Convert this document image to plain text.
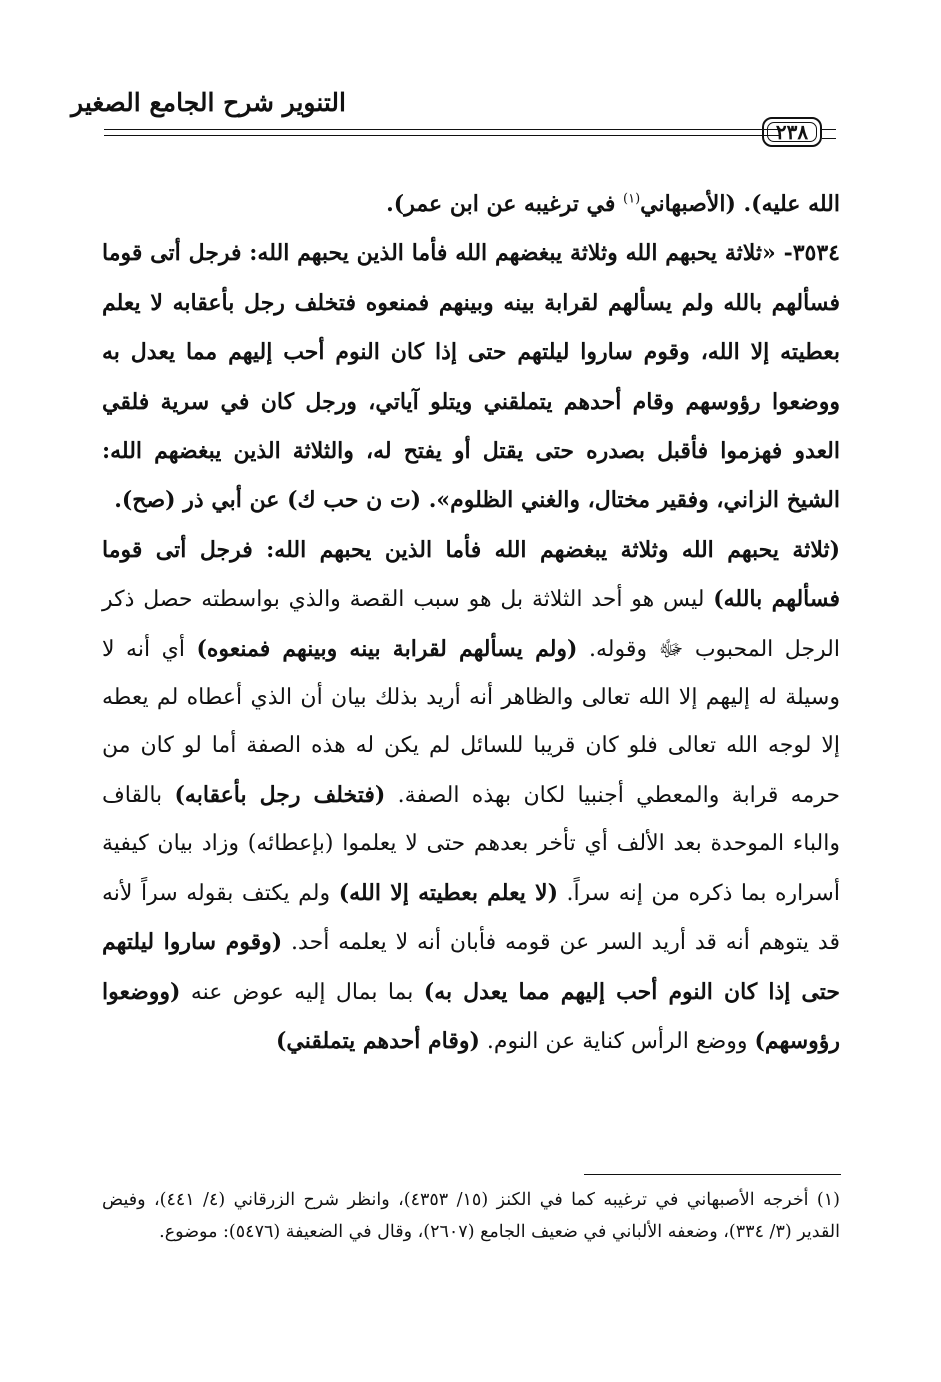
التنوير شرح الجامع الصغير
٢٣٨

الله عليه). (الأصبهاني$^{(١)}$ في ترغيبه عن ابن عمر).

٣٥٣٤- «ثلاثة يحبهم الله وثلاثة يبغضهم الله فأما الذين يحبهم الله: فرجل أتى قوما فسألهم بالله ولم يسألهم لقرابة بينه وبينهم فمنعوه فتخلف رجل بأعقابه لا يعلم بعطيته إلا الله، وقوم ساروا ليلتهم حتى إذا كان النوم أحب إليهم مما يعدل به ووضعوا رؤوسهم وقام أحدهم يتملقني ويتلو آياتي، ورجل كان في سرية فلقي العدو فهزموا فأقبل بصدره حتى يقتل أو يفتح له، والثلاثة الذين يبغضهم الله: الشيخ الزاني، وفقير مختال، والغني الظلوم». (ت ن حب ك) عن أبي ذر (صح).

(ثلاثة يحبهم الله وثلاثة يبغضهم الله فأما الذين يحبهم الله: فرجل أتى قوما فسألهم بالله) ليس هو أحد الثلاثة بل هو سبب القصة والذي بواسطته حصل ذكر الرجل المحبوب ﷻ وقوله. (ولم يسألهم لقرابة بينه وبينهم فمنعوه) أي أنه لا وسيلة له إليهم إلا الله تعالى والظاهر أنه أريد بذلك بيان أن الذي أعطاه لم يعطه إلا لوجه الله تعالى فلو كان قريبا للسائل لم يكن له هذه الصفة أما لو كان من حرمه قرابة والمعطي أجنبيا لكان بهذه الصفة. (فتخلف رجل بأعقابه) بالقاف والباء الموحدة بعد الألف أي تأخر بعدهم حتى لا يعلموا (بإعطائه) وزاد بيان كيفية أسراره بما ذكره من إنه سراً. (لا يعلم بعطيته إلا الله) ولم يكتف بقوله سراً لأنه قد يتوهم أنه قد أريد السر عن قومه فأبان أنه لا يعلمه أحد. (وقوم ساروا ليلتهم حتى إذا كان النوم أحب إليهم مما يعدل به) بما بمال إليه عوض عنه (ووضعوا رؤوسهم) ووضع الرأس كناية عن النوم. (وقام أحدهم يتملقني)

(١) أخرجه الأصبهاني في ترغيبه كما في الكنز (١٥/ ٤٣٥٣)، وانظر شرح الزرقاني (٤/ ٤٤١)، وفيض القدير (٣/ ٣٣٤)، وضعفه الألباني في ضعيف الجامع (٢٦٠٧)، وقال في الضعيفة (٥٤٧٦): موضوع.
